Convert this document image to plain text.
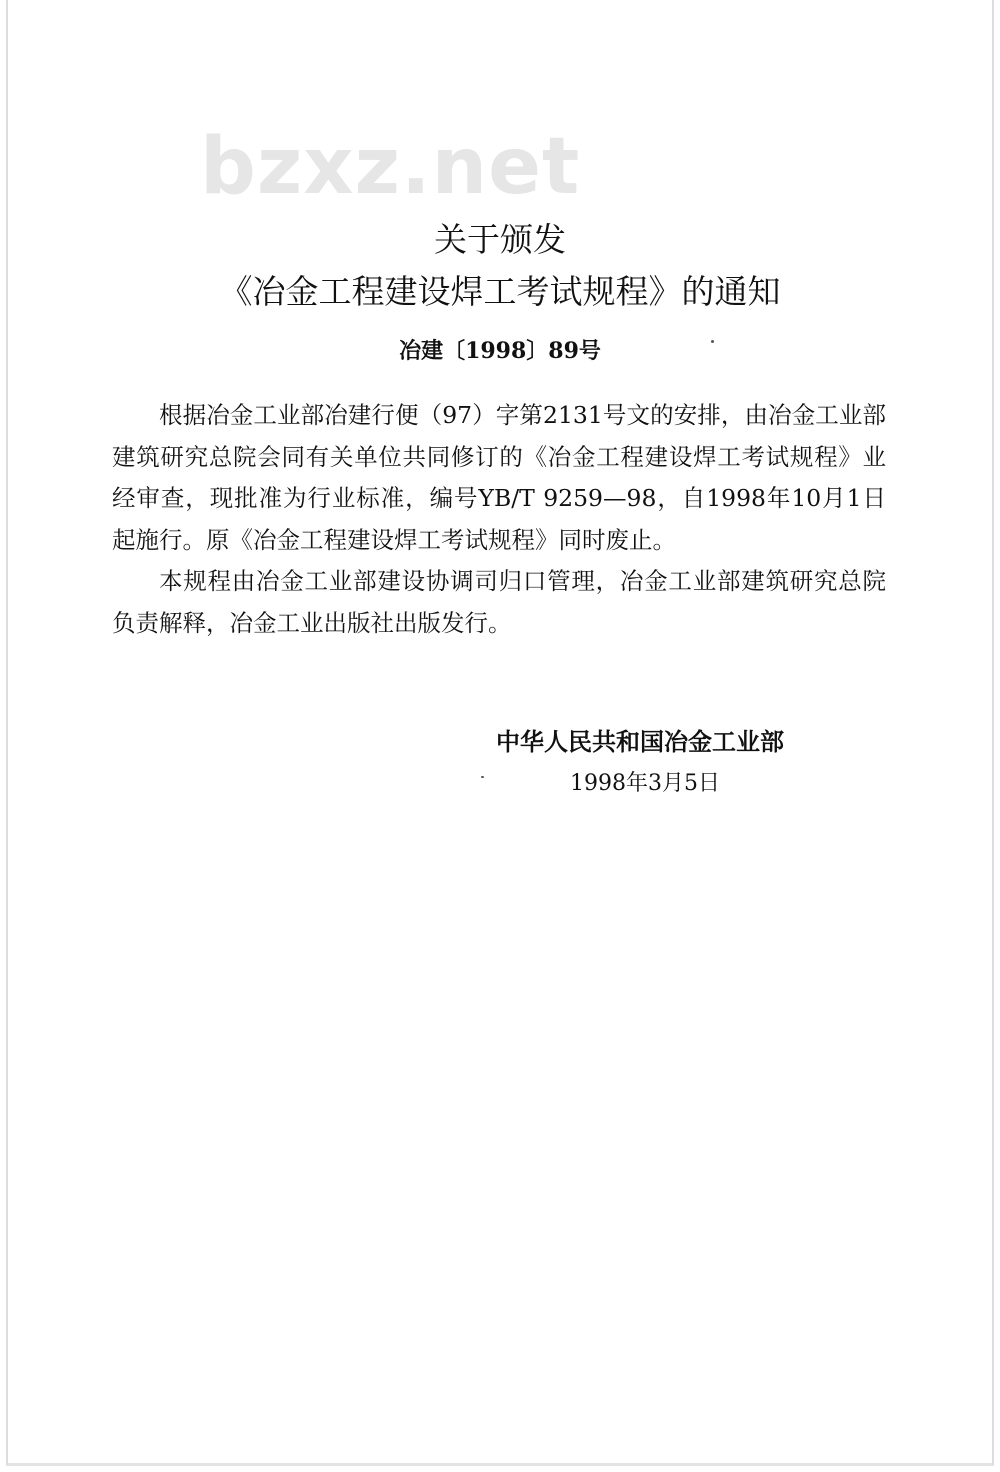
bzxz.net
关于颁发
《冶金工程建设焊工考试规程》的通知
冶建〔1998〕89号

根据冶金工业部冶建行便（97）字第2131号文的安排，由冶金工业部建筑研究总院会同有关单位共同修订的《冶金工程建设焊工考试规程》业经审查，现批准为行业标准，编号YB/T 9259—98，自1998年10月1日起施行。原《冶金工程建设焊工考试规程》同时废止。

本规程由冶金工业部建设协调司归口管理，冶金工业部建筑研究总院负责解释，冶金工业出版社出版发行。

中华人民共和国冶金工业部
1998年3月5日
